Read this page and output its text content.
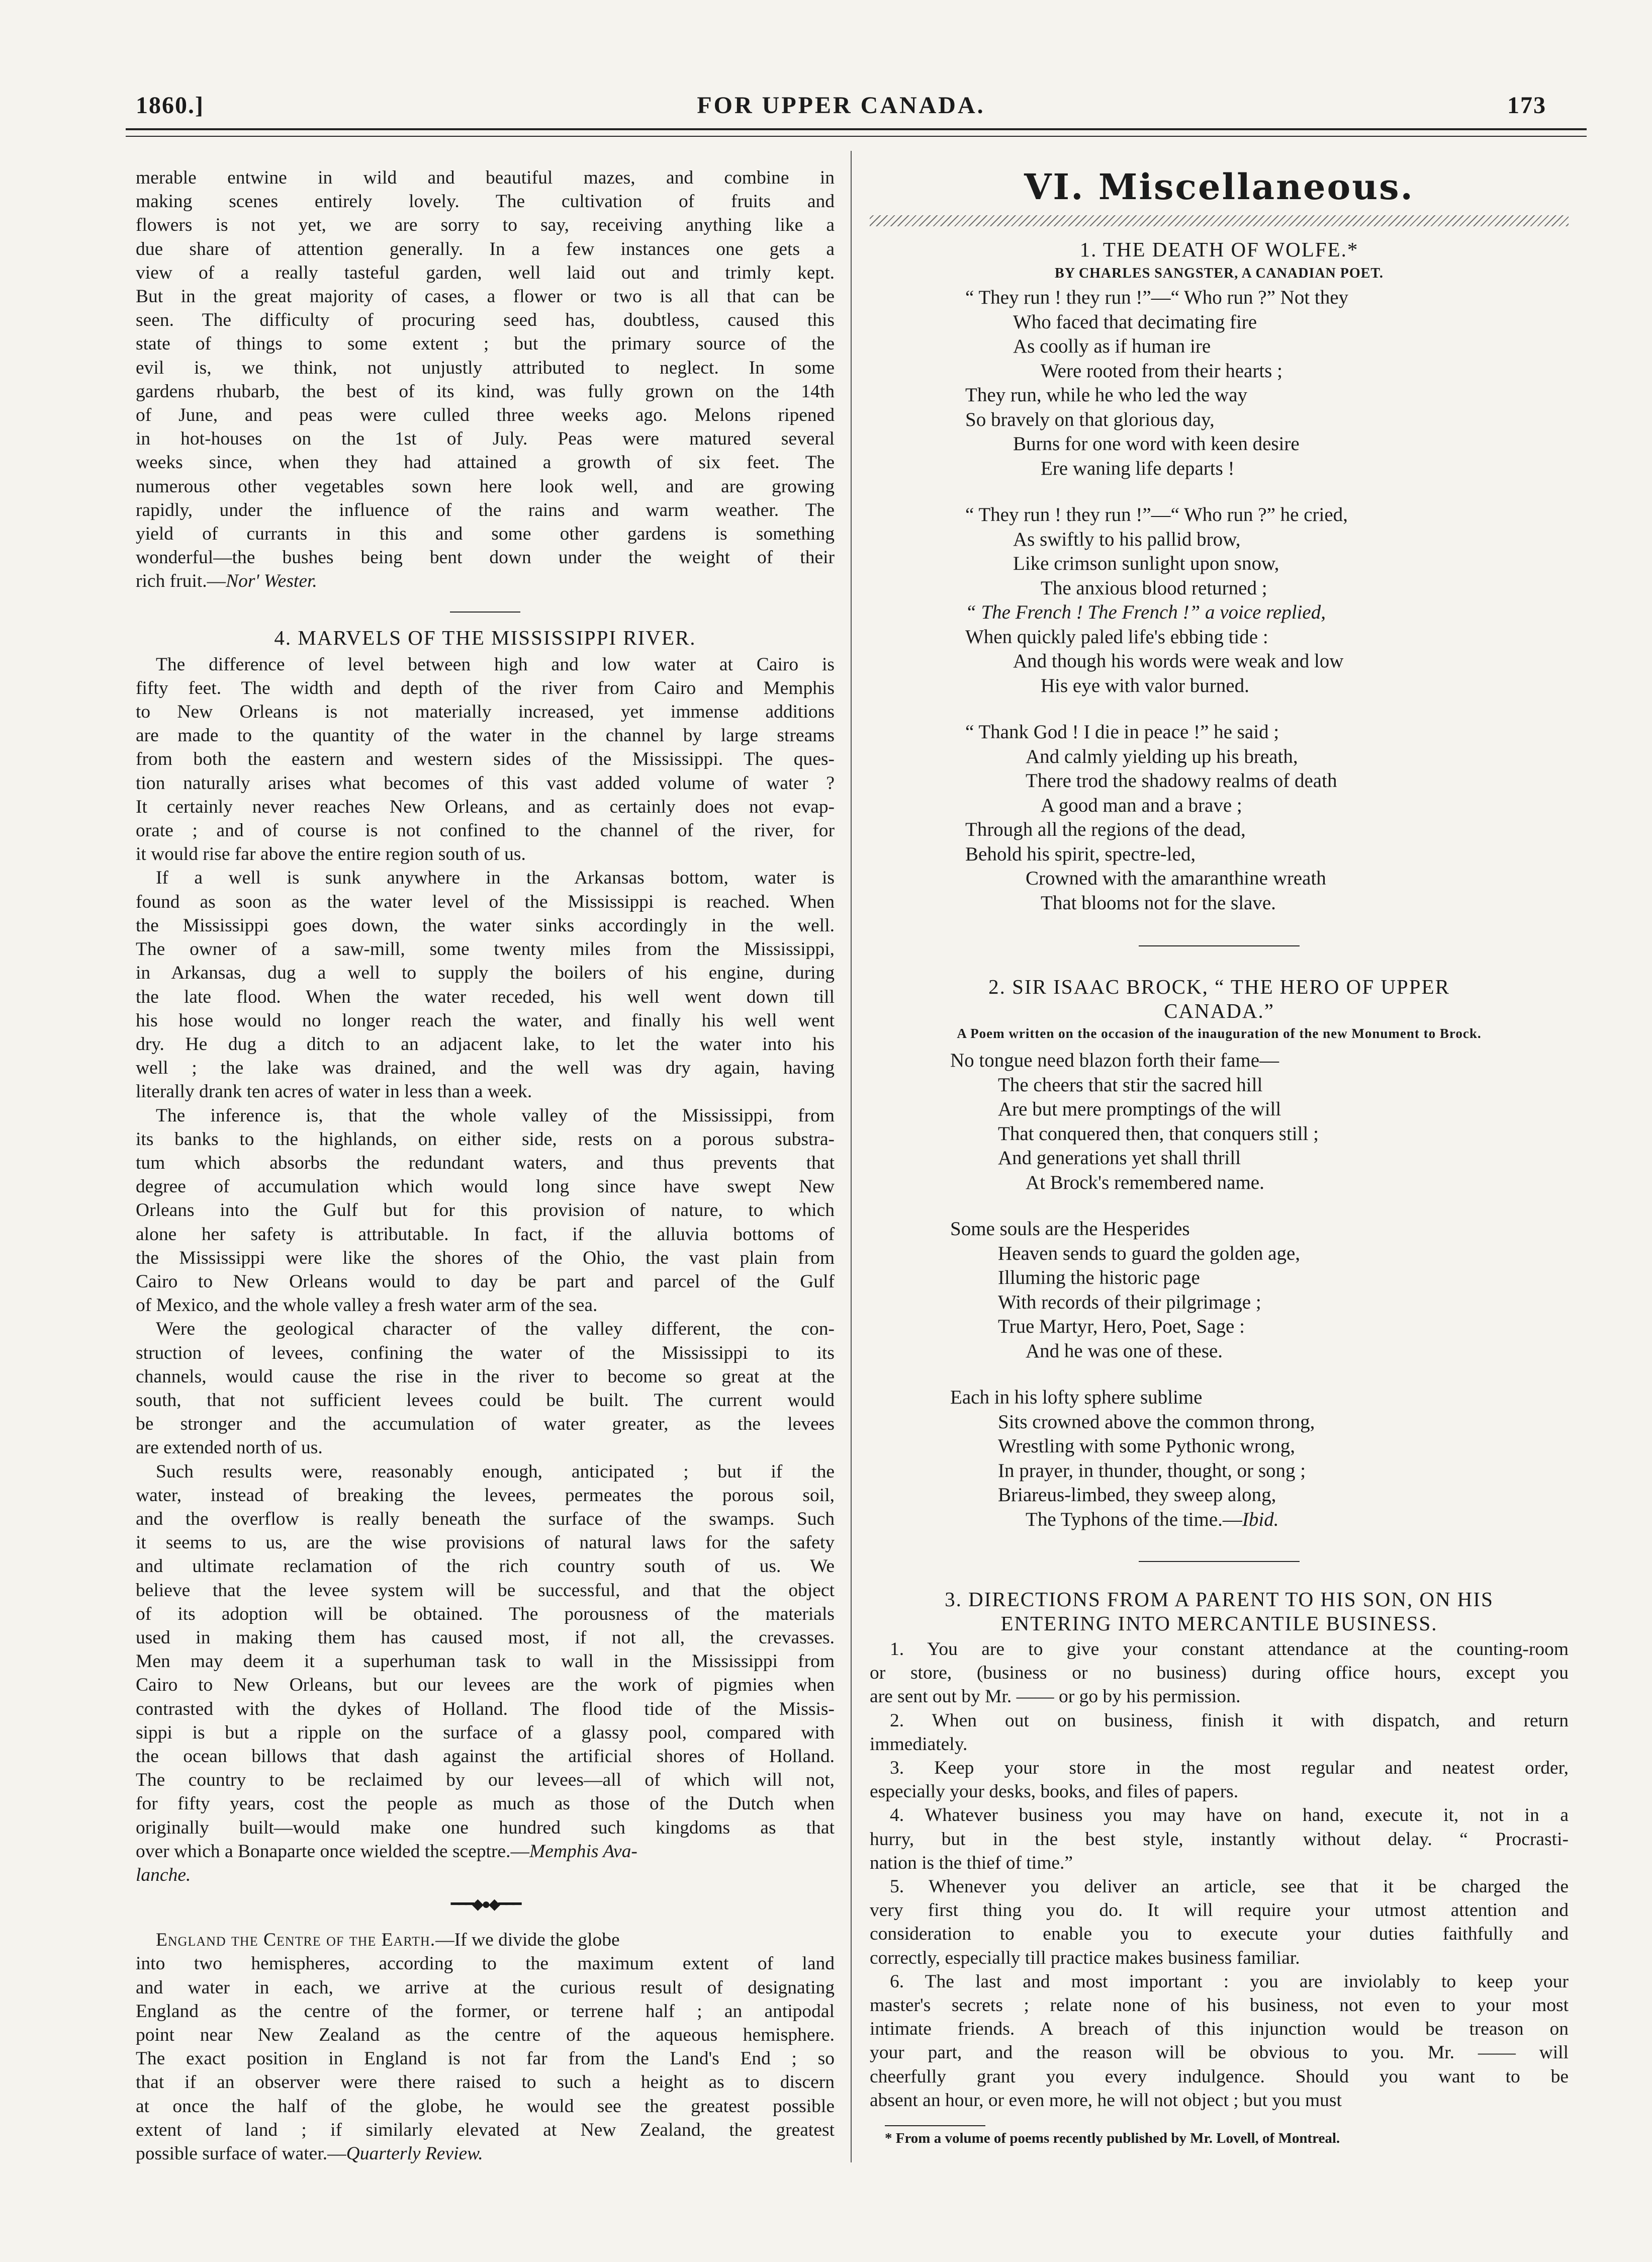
1860.]	FOR UPPER CANADA.	173
merable entwine in wild and beautiful mazes, and combine in
making scenes entirely lovely. The cultivation of fruits and
flowers is not yet, we are sorry to say, receiving anything like a
due share of attention generally. In a few instances one gets a
view of a really tasteful garden, well laid out and trimly kept.
But in the great majority of cases, a flower or two is all that can be
seen. The difficulty of procuring seed has, doubtless, caused this
state of things to some extent ; but the primary source of the
evil is, we think, not unjustly attributed to neglect. In some
gardens rhubarb, the best of its kind, was fully grown on the 14th
of June, and peas were culled three weeks ago. Melons ripened
in hot-houses on the 1st of July. Peas were matured several
weeks since, when they had attained a growth of six feet. The
numerous other vegetables sown here look well, and are growing
rapidly, under the influence of the rains and warm weather. The
yield of currants in this and some other gardens is something
wonderful—the bushes being bent down under the weight of their
rich fruit.—Nor' Wester.

4. MARVELS OF THE MISSISSIPPI RIVER.

The difference of level between high and low water at Cairo is
fifty feet. The width and depth of the river from Cairo and Memphis
to New Orleans is not materially increased, yet immense additions
are made to the quantity of the water in the channel by large streams
from both the eastern and western sides of the Mississippi. The ques-
tion naturally arises what becomes of this vast added volume of water ?
It certainly never reaches New Orleans, and as certainly does not evap-
orate ; and of course is not confined to the channel of the river, for
it would rise far above the entire region south of us.
If a well is sunk anywhere in the Arkansas bottom, water is
found as soon as the water level of the Mississippi is reached. When
the Mississippi goes down, the water sinks accordingly in the well.
The owner of a saw-mill, some twenty miles from the Mississippi,
in Arkansas, dug a well to supply the boilers of his engine, during
the late flood. When the water receded, his well went down till
his hose would no longer reach the water, and finally his well went
dry. He dug a ditch to an adjacent lake, to let the water into his
well ; the lake was drained, and the well was dry again, having
literally drank ten acres of water in less than a week.
The inference is, that the whole valley of the Mississippi, from
its banks to the highlands, on either side, rests on a porous substra-
tum which absorbs the redundant waters, and thus prevents that
degree of accumulation which would long since have swept New
Orleans into the Gulf but for this provision of nature, to which
alone her safety is attributable. In fact, if the alluvia bottoms of
the Mississippi were like the shores of the Ohio, the vast plain from
Cairo to New Orleans would to day be part and parcel of the Gulf
of Mexico, and the whole valley a fresh water arm of the sea.
Were the geological character of the valley different, the con-
struction of levees, confining the water of the Mississippi to its
channels, would cause the rise in the river to become so great at the
south, that not sufficient levees could be built. The current would
be stronger and the accumulation of water greater, as the levees
are extended north of us.
Such results were, reasonably enough, anticipated ; but if the
water, instead of breaking the levees, permeates the porous soil,
and the overflow is really beneath the surface of the swamps. Such
it seems to us, are the wise provisions of natural laws for the safety
and ultimate reclamation of the rich country south of us. We
believe that the levee system will be successful, and that the object
of its adoption will be obtained. The porousness of the materials
used in making them has caused most, if not all, the crevasses.
Men may deem it a superhuman task to wall in the Mississippi from
Cairo to New Orleans, but our levees are the work of pigmies when
contrasted with the dykes of Holland. The flood tide of the Missis-
sippi is but a ripple on the surface of a glassy pool, compared with
the ocean billows that dash against the artificial shores of Holland.
The country to be reclaimed by our levees—all of which will not,
for fifty years, cost the people as much as those of the Dutch when
originally built—would make one hundred such kingdoms as that
over which a Bonaparte once wielded the sceptre.—Memphis Ava-
lanche.
━━━◆●◆━━━
England the Centre of the Earth.—If we divide the globe
into two hemispheres, according to the maximum extent of land
and water in each, we arrive at the curious result of designating
England as the centre of the former, or terrene half ; an antipodal
point near New Zealand as the centre of the aqueous hemisphere.
The exact position in England is not far from the Land's End ; so
that if an observer were there raised to such a height as to discern
at once the half of the globe, he would see the greatest possible
extent of land ; if similarly elevated at New Zealand, the greatest
possible surface of water.—Quarterly Review.
VI. Miscellaneous.

1. THE DEATH OF WOLFE.*

BY CHARLES SANGSTER, A CANADIAN POET.
“ They run ! they run !”—“ Who run ?” Not they
Who faced that decimating fire
As coolly as if human ire
Were rooted from their hearts ;
They run, while he who led the way
So bravely on that glorious day,
Burns for one word with keen desire
Ere waning life departs !
“ They run ! they run !”—“ Who run ?” he cried,
As swiftly to his pallid brow,
Like crimson sunlight upon snow,
The anxious blood returned ;
“ The French ! The French !” a voice replied,
When quickly paled life's ebbing tide :
And though his words were weak and low
His eye with valor burned.
“ Thank God ! I die in peace !” he said ;
And calmly yielding up his breath,
There trod the shadowy realms of death
A good man and a brave ;
Through all the regions of the dead,
Behold his spirit, spectre-led,
Crowned with the amaranthine wreath
That blooms not for the slave.

2. SIR ISAAC BROCK, “ THE HERO OF UPPER

CANADA.”

A Poem written on the occasion of the inauguration of the new Monument to Brock.
No tongue need blazon forth their fame—
The cheers that stir the sacred hill
Are but mere promptings of the will
That conquered then, that conquers still ;
And generations yet shall thrill
At Brock's remembered name.
Some souls are the Hesperides
Heaven sends to guard the golden age,
Illuming the historic page
With records of their pilgrimage ;
True Martyr, Hero, Poet, Sage :
And he was one of these.
Each in his lofty sphere sublime
Sits crowned above the common throng,
Wrestling with some Pythonic wrong,
In prayer, in thunder, thought, or song ;
Briareus-limbed, they sweep along,
The Typhons of the time.—Ibid.

3. DIRECTIONS FROM A PARENT TO HIS SON, ON HIS

ENTERING INTO MERCANTILE BUSINESS.

1. You are to give your constant attendance at the counting-room
or store, (business or no business) during office hours, except you
are sent out by Mr. —— or go by his permission.
2. When out on business, finish it with dispatch, and return
immediately.
3. Keep your store in the most regular and neatest order,
especially your desks, books, and files of papers.
4. Whatever business you may have on hand, execute it, not in a
hurry, but in the best style, instantly without delay. “ Procrasti-
nation is the thief of time.”
5. Whenever you deliver an article, see that it be charged the
very first thing you do. It will require your utmost attention and
consideration to enable you to execute your duties faithfully and
correctly, especially till practice makes business familiar.
6. The last and most important : you are inviolably to keep your
master's secrets ; relate none of his business, not even to your most
intimate friends. A breach of this injunction would be treason on
your part, and the reason will be obvious to you. Mr. —— will
cheerfully grant you every indulgence. Should you want to be
absent an hour, or even more, he will not object ; but you must
* From a volume of poems recently published by Mr. Lovell, of Montreal.
